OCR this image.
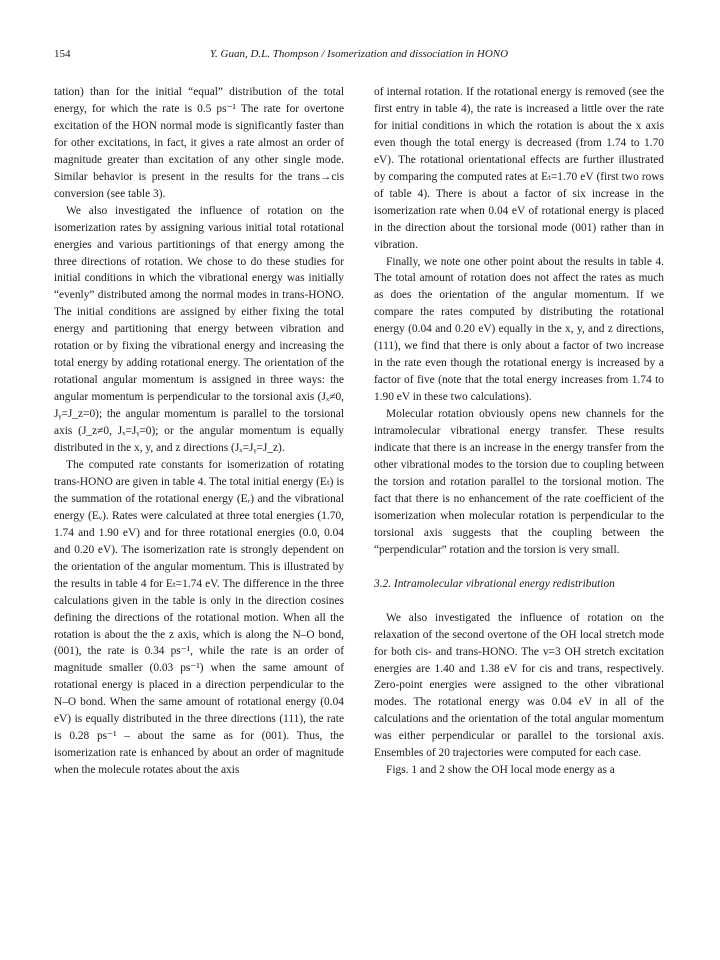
154	Y. Guan, D.L. Thompson / Isomerization and dissociation in HONO

tation) than for the initial “equal” distribution of the total energy, for which the rate is 0.5 ps⁻¹ The rate for overtone excitation of the HON normal mode is significantly faster than for other excitations, in fact, it gives a rate almost an order of magnitude greater than excitation of any other single mode. Similar behavior is present in the results for the trans→cis conversion (see table 3).

We also investigated the influence of rotation on the isomerization rates by assigning various initial total rotational energies and various partitionings of that energy among the three directions of rotation. We chose to do these studies for initial conditions in which the vibrational energy was initially “evenly” distributed among the normal modes in trans-HONO. The initial conditions are assigned by either fixing the total energy and partitioning that energy between vibration and rotation or by fixing the vibrational energy and increasing the total energy by adding rotational energy. The orientation of the rotational angular momentum is assigned in three ways: the angular momentum is perpendicular to the torsional axis (Jₓ≠0, Jᵧ=J_z=0); the angular momentum is parallel to the torsional axis (J_z≠0, Jₓ=Jᵧ=0); or the angular momentum is equally distributed in the x, y, and z directions (Jₓ=Jᵧ=J_z).

The computed rate constants for isomerization of rotating trans-HONO are given in table 4. The total initial energy (Eₜ) is the summation of the rotational energy (Eᵣ) and the vibrational energy (Eᵥ). Rates were calculated at three total energies (1.70, 1.74 and 1.90 eV) and for three rotational energies (0.0, 0.04 and 0.20 eV). The isomerization rate is strongly dependent on the orientation of the angular momentum. This is illustrated by the results in table 4 for Eₜ=1.74 eV. The difference in the three calculations given in the table is only in the direction cosines defining the directions of the rotational motion. When all the rotation is about the the z axis, which is along the N–O bond, (001), the rate is 0.34 ps⁻¹, while the rate is an order of magnitude smaller (0.03 ps⁻¹) when the same amount of rotational energy is placed in a direction perpendicular to the N–O bond. When the same amount of rotational energy (0.04 eV) is equally distributed in the three directions (111), the rate is 0.28 ps⁻¹ – about the same as for (001). Thus, the isomerization rate is enhanced by about an order of magnitude when the molecule rotates about the axis

of internal rotation. If the rotational energy is removed (see the first entry in table 4), the rate is increased a little over the rate for initial conditions in which the rotation is about the x axis even though the total energy is decreased (from 1.74 to 1.70 eV). The rotational orientational effects are further illustrated by comparing the computed rates at Eₜ=1.70 eV (first two rows of table 4). There is about a factor of six increase in the isomerization rate when 0.04 eV of rotational energy is placed in the direction about the torsional mode (001) rather than in vibration.

Finally, we note one other point about the results in table 4. The total amount of rotation does not affect the rates as much as does the orientation of the angular momentum. If we compare the rates computed by distributing the rotational energy (0.04 and 0.20 eV) equally in the x, y, and z directions, (111), we find that there is only about a factor of two increase in the rate even though the rotational energy is increased by a factor of five (note that the total energy increases from 1.74 to 1.90 eV in these two calculations).

Molecular rotation obviously opens new channels for the intramolecular vibrational energy transfer. These results indicate that there is an increase in the energy transfer from the other vibrational modes to the torsion due to coupling between the torsion and rotation parallel to the torsional motion. The fact that there is no enhancement of the rate coefficient of the isomerization when molecular rotation is perpendicular to the torsional axis suggests that the coupling between the “perpendicular” rotation and the torsion is very small.

3.2. Intramolecular vibrational energy redistribution

We also investigated the influence of rotation on the relaxation of the second overtone of the OH local stretch mode for both cis- and trans-HONO. The v=3 OH stretch excitation energies are 1.40 and 1.38 eV for cis and trans, respectively. Zero-point energies were assigned to the other vibrational modes. The rotational energy was 0.04 eV in all of the calculations and the orientation of the total angular momentum was either perpendicular or parallel to the torsional axis. Ensembles of 20 trajectories were computed for each case.

Figs. 1 and 2 show the OH local mode energy as a
